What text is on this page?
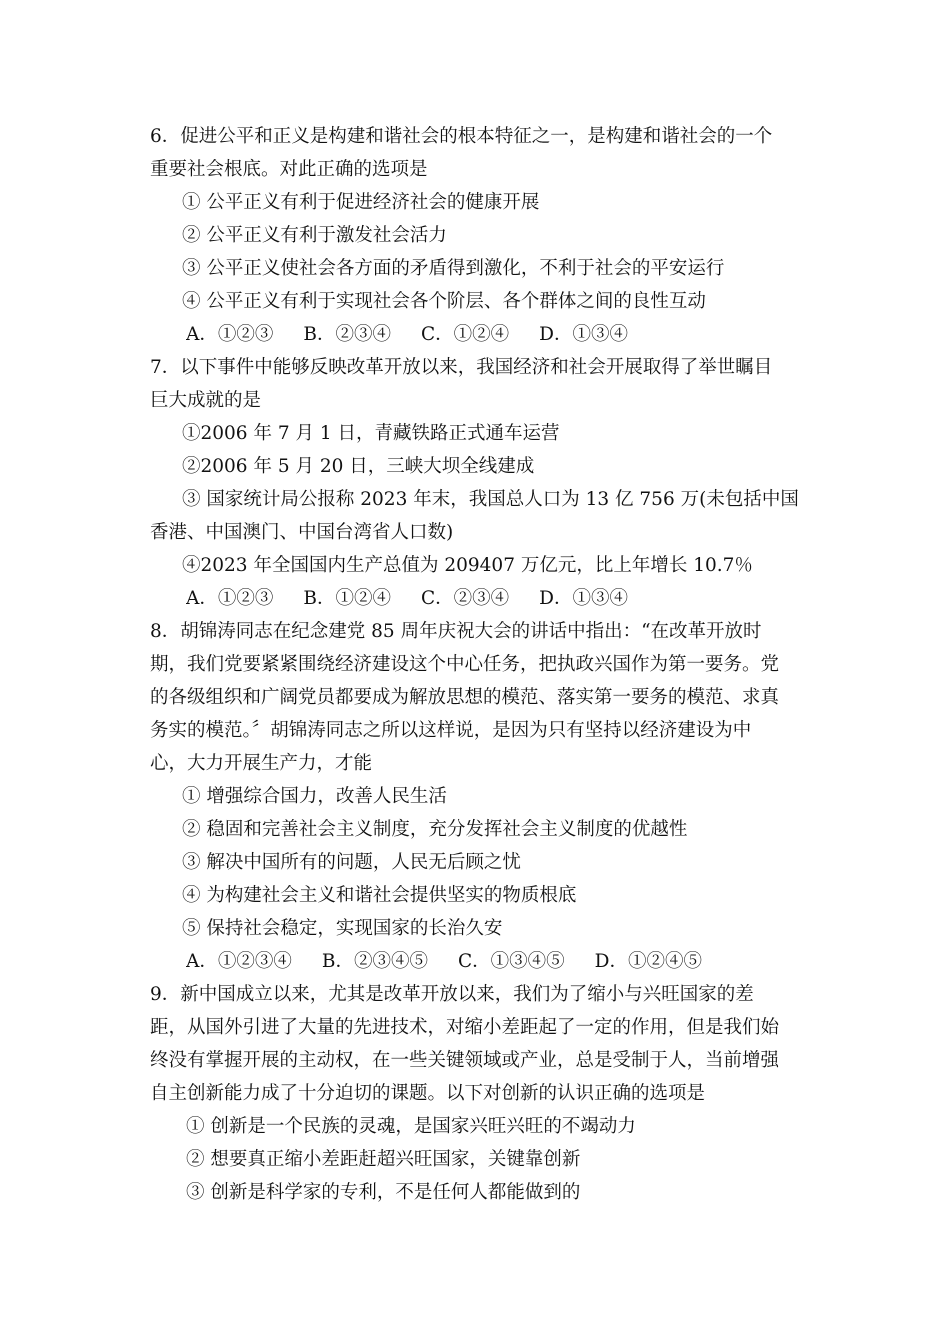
6．促进公平和正义是构建和谐社会的根本特征之一，是构建和谐社会的一个
重要社会根底。对此正确的选项是
① 公平正义有利于促进经济社会的健康开展
② 公平正义有利于激发社会活力
③ 公平正义使社会各方面的矛盾得到激化，不利于社会的平安运行
④ 公平正义有利于实现社会各个阶层、各个群体之间的良性互动
A．①②③ B．②③④ C．①②④ D．①③④
7．以下事件中能够反映改革开放以来，我国经济和社会开展取得了举世瞩目
巨大成就的是
①2006 年 7 月 1 日，青藏铁路正式通车运营
②2006 年 5 月 20 日，三峡大坝全线建成
③ 国家统计局公报称 2023 年末，我国总人口为 13 亿 756 万(未包括中国
香港、中国澳门、中国台湾省人口数)
④2023 年全国国内生产总值为 209407 万亿元，比上年增长 10.7％
A．①②③ B．①②④ C．②③④ D．①③④
8．胡锦涛同志在纪念建党 85 周年庆祝大会的讲话中指出：“在改革开放时
期，我们党要紧紧围绕经济建设这个中心任务，把执政兴国作为第一要务。党
的各级组织和广阔党员都要成为解放思想的模范、落实第一要务的模范、求真
务实的模范。〞胡锦涛同志之所以这样说，是因为只有坚持以经济建设为中
心，大力开展生产力，才能
① 增强综合国力，改善人民生活
② 稳固和完善社会主义制度，充分发挥社会主义制度的优越性
③ 解决中国所有的问题，人民无后顾之忧
④ 为构建社会主义和谐社会提供坚实的物质根底
⑤ 保持社会稳定，实现国家的长治久安
A．①②③④ B．②③④⑤ C．①③④⑤ D．①②④⑤
9．新中国成立以来，尤其是改革开放以来，我们为了缩小与兴旺国家的差
距，从国外引进了大量的先进技术，对缩小差距起了一定的作用，但是我们始
终没有掌握开展的主动权，在一些关键领域或产业，总是受制于人，当前增强
自主创新能力成了十分迫切的课题。以下对创新的认识正确的选项是
① 创新是一个民族的灵魂，是国家兴旺兴旺的不竭动力
② 想要真正缩小差距赶超兴旺国家，关键靠创新
③ 创新是科学家的专利，不是任何人都能做到的
